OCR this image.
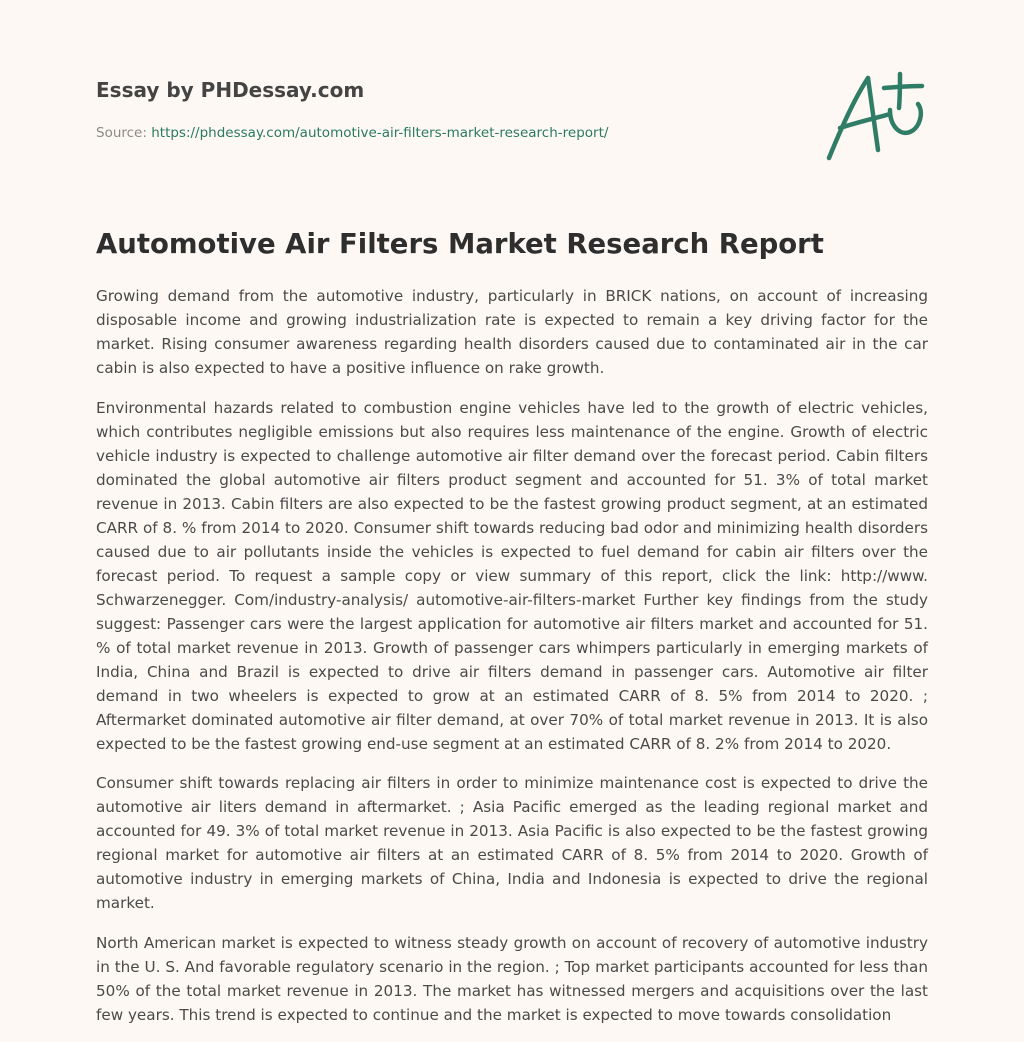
Essay by PHDessay.com
Source: https://phdessay.com/automotive-air-filters-market-research-report/
Automotive Air Filters Market Research Report

Growing demand from the automotive industry, particularly in BRICK nations, on account of increasing disposable income and growing industrialization rate is expected to remain a key driving factor for the market. Rising consumer awareness regarding health disorders caused due to contaminated air in the car cabin is also expected to have a positive influence on rake growth.

Environmental hazards related to combustion engine vehicles have led to the growth of electric vehicles, which contributes negligible emissions but also requires less maintenance of the engine. Growth of electric vehicle industry is expected to challenge automotive air filter demand over the forecast period. Cabin filters dominated the global automotive air filters product segment and accounted for 51. 3% of total market revenue in 2013. Cabin filters are also expected to be the fastest growing product segment, at an estimated CARR of 8. % from 2014 to 2020. Consumer shift towards reducing bad odor and minimizing health disorders caused due to air pollutants inside the vehicles is expected to fuel demand for cabin air filters over the forecast period. To request a sample copy or view summary of this report, click the link: http://www. Schwarzenegger. Com/industry-analysis/ automotive-air-filters-market Further key findings from the study suggest: Passenger cars were the largest application for automotive air filters market and accounted for 51. % of total market revenue in 2013. Growth of passenger cars whimpers particularly in emerging markets of India, China and Brazil is expected to drive air filters demand in passenger cars. Automotive air filter demand in two wheelers is expected to grow at an estimated CARR of 8. 5% from 2014 to 2020. ; Aftermarket dominated automotive air filter demand, at over 70% of total market revenue in 2013. It is also expected to be the fastest growing end-use segment at an estimated CARR of 8. 2% from 2014 to 2020.

Consumer shift towards replacing air filters in order to minimize maintenance cost is expected to drive the automotive air liters demand in aftermarket. ; Asia Pacific emerged as the leading regional market and accounted for 49. 3% of total market revenue in 2013. Asia Pacific is also expected to be the fastest growing regional market for automotive air filters at an estimated CARR of 8. 5% from 2014 to 2020. Growth of automotive industry in emerging markets of China, India and Indonesia is expected to drive the regional market.

North American market is expected to witness steady growth on account of recovery of automotive industry in the U. S. And favorable regulatory scenario in the region. ; Top market participants accounted for less than 50% of the total market revenue in 2013. The market has witnessed mergers and acquisitions over the last few years. This trend is expected to continue and the market is expected to move towards consolidation
